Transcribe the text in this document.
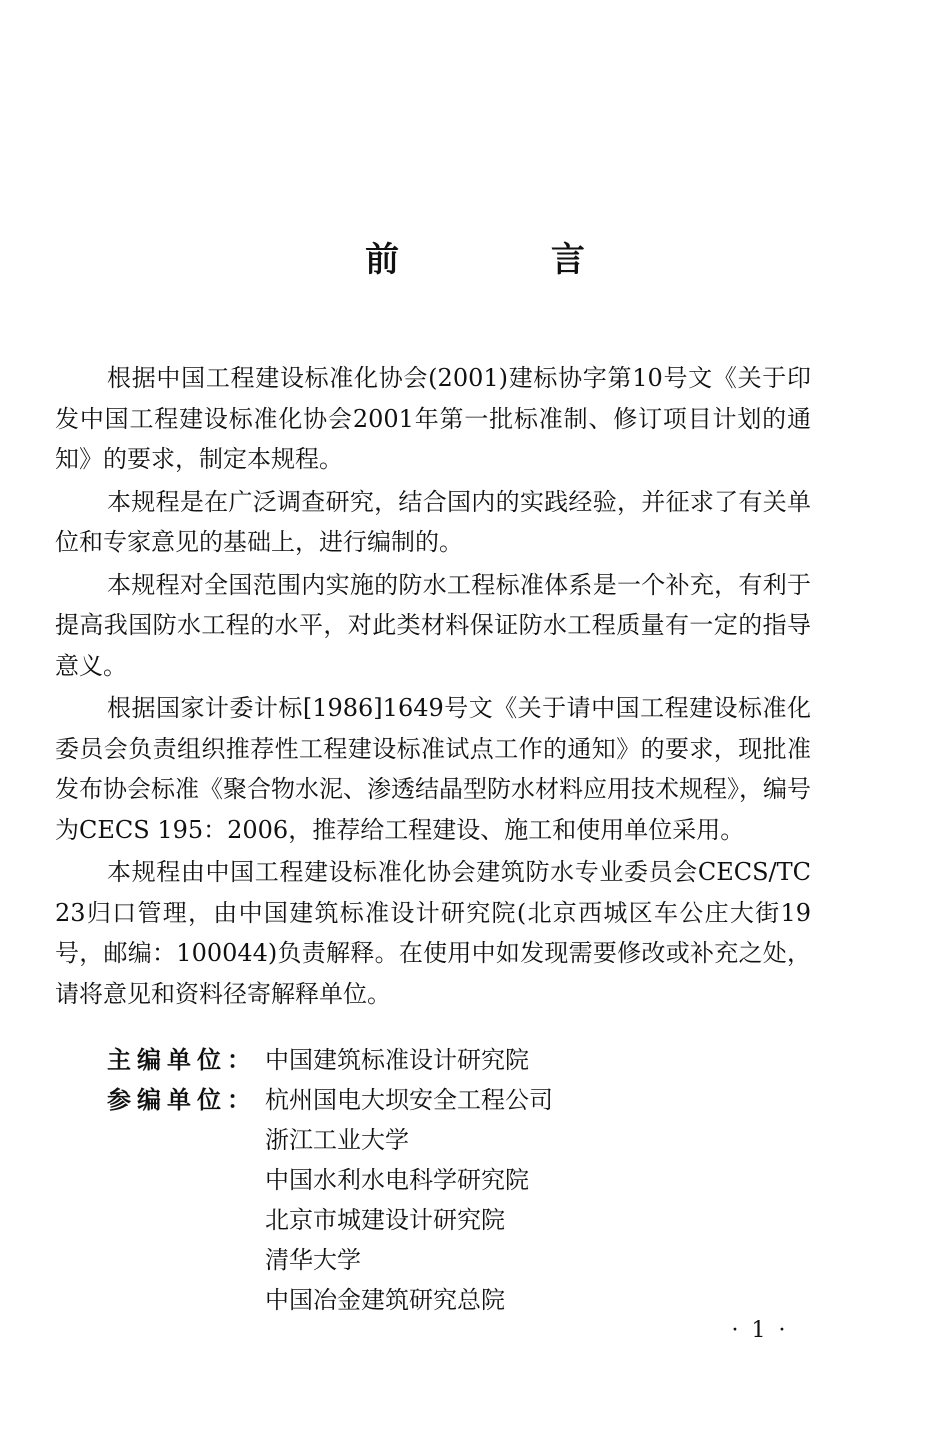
前 言

根据中国工程建设标准化协会(2001)建标协字第10号文《关于印发中国工程建设标准化协会2001年第一批标准制、修订项目计划的通知》的要求，制定本规程。

本规程是在广泛调查研究，结合国内的实践经验，并征求了有关单位和专家意见的基础上，进行编制的。

本规程对全国范围内实施的防水工程标准体系是一个补充，有利于提高我国防水工程的水平，对此类材料保证防水工程质量有一定的指导意义。

根据国家计委计标[1986]1649号文《关于请中国工程建设标准化委员会负责组织推荐性工程建设标准试点工作的通知》的要求，现批准发布协会标准《聚合物水泥、渗透结晶型防水材料应用技术规程》，编号为CECS 195：2006，推荐给工程建设、施工和使用单位采用。

本规程由中国工程建设标准化协会建筑防水专业委员会CECS/TC 23归口管理，由中国建筑标准设计研究院(北京西城区车公庄大街19号，邮编：100044)负责解释。在使用中如发现需要修改或补充之处，请将意见和资料径寄解释单位。

主编单位： 中国建筑标准设计研究院
参编单位： 杭州国电大坝安全工程公司
浙江工业大学
中国水利水电科学研究院
北京市城建设计研究院
清华大学
中国冶金建筑研究总院
· 1 ·
